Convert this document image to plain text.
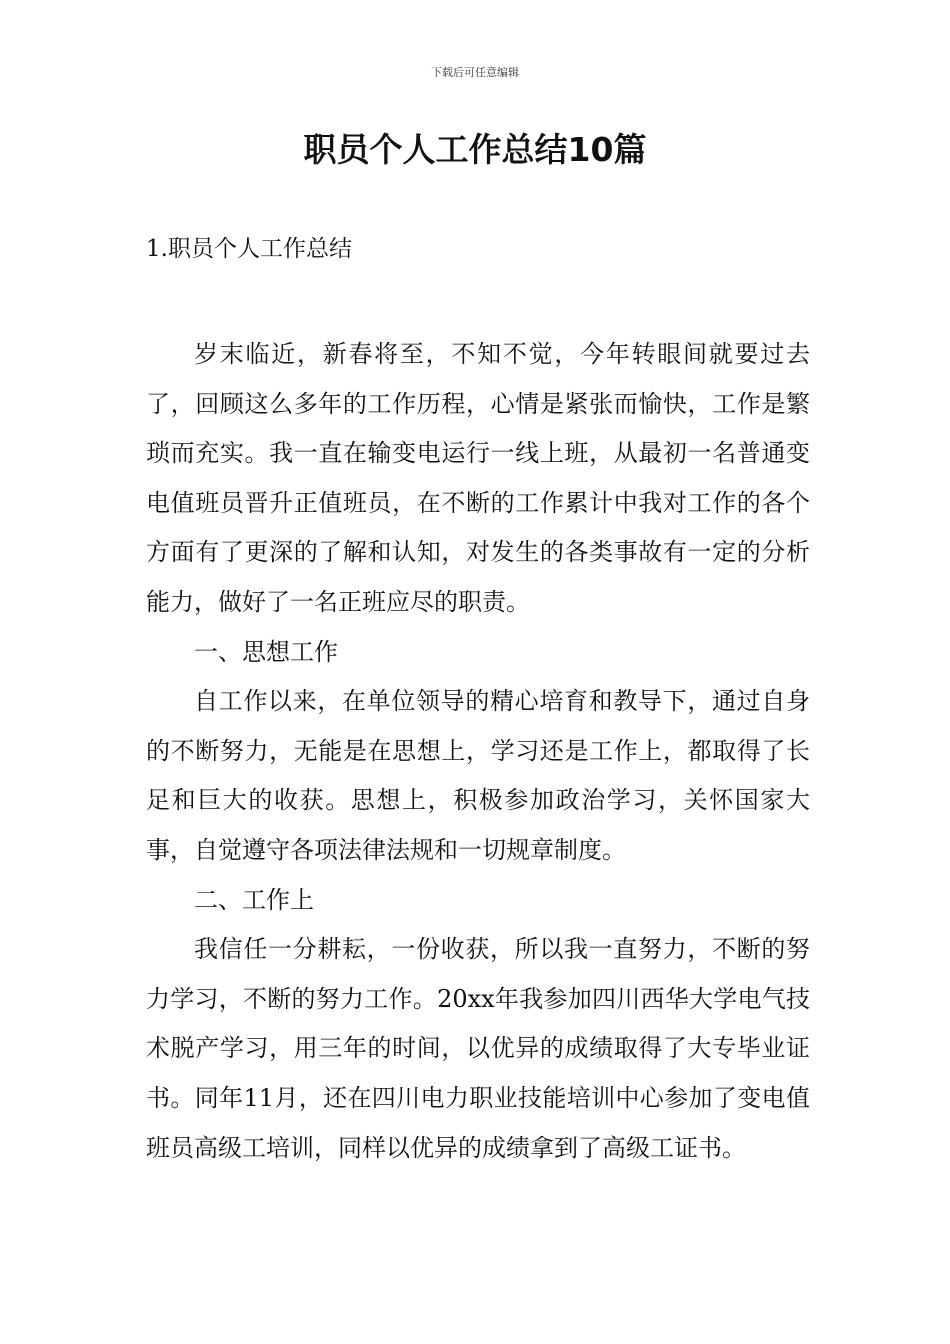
下载后可任意编辑
职员个人工作总结10篇
1.职员个人工作总结

岁末临近，新春将至，不知不觉，今年转眼间就要过去了，回顾这么多年的工作历程，心情是紧张而愉快，工作是繁琐而充实。我一直在输变电运行一线上班，从最初一名普通变电值班员晋升正值班员，在不断的工作累计中我对工作的各个方面有了更深的了解和认知，对发生的各类事故有一定的分析能力，做好了一名正班应尽的职责。

一、思想工作

自工作以来，在单位领导的精心培育和教导下，通过自身的不断努力，无能是在思想上，学习还是工作上，都取得了长足和巨大的收获。思想上，积极参加政治学习，关怀国家大事，自觉遵守各项法律法规和一切规章制度。

二、工作上

我信任一分耕耘，一份收获，所以我一直努力，不断的努力学习，不断的努力工作。20xx年我参加四川西华大学电气技术脱产学习，用三年的时间，以优异的成绩取得了大专毕业证书。同年11月，还在四川电力职业技能培训中心参加了变电值班员高级工培训，同样以优异的成绩拿到了高级工证书。
